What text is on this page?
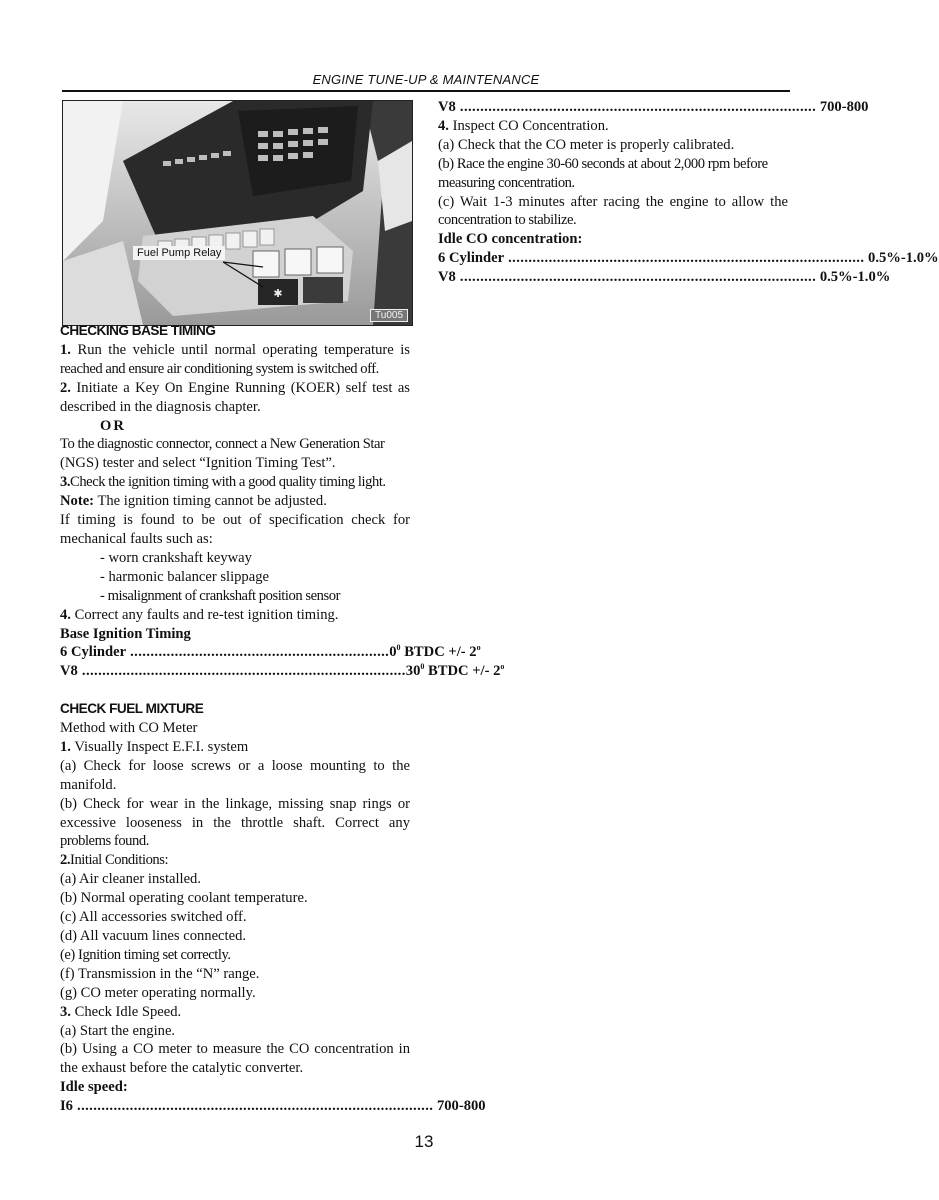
ENGINE TUNE-UP & MAINTENANCE
✱
Fuel Pump Relay
Tu005
CHECKING BASE TIMING
1. Run the vehicle until normal operating temperature is
reached and ensure air conditioning system is switched off.
2. Initiate a Key On Engine Running (KOER) self test as
described in the diagnosis chapter.
OR
To the diagnostic connector, connect a New Generation Star
(NGS) tester and select “Ignition Timing Test”.
3.Check the ignition timing with a good quality timing light.
Note: The ignition timing cannot be adjusted.
If timing is found to be out of specification check for
mechanical faults such as:
- worn crankshaft keyway
- harmonic balancer slippage
- misalignment of crankshaft position sensor
4. Correct any faults and re-test ignition timing.
Base Ignition Timing
6 Cylinder ................................................................ $0^0$ BTDC +/- 2$^o$
V8 ................................................................................ $30^0$ BTDC +/- 2$^o$
CHECK FUEL MIXTURE
Method with CO Meter
1. Visually Inspect E.F.I. system
(a) Check for loose screws or a loose mounting to the
manifold.
(b) Check for wear in the linkage, missing snap rings or
excessive looseness in the throttle shaft. Correct any
problems found.
2.Initial Conditions:
(a) Air cleaner installed.
(b) Normal operating coolant temperature.
(c) All accessories switched off.
(d) All vacuum lines connected.
(e) Ignition timing set correctly.
(f) Transmission in the “N” range.
(g) CO meter operating normally.
3. Check Idle Speed.
(a) Start the engine.
(b) Using a CO meter to measure the CO concentration in
the exhaust before the catalytic converter.
Idle speed:
I6 ........................................................................................ 700-800
V8 ........................................................................................ 700-800
4. Inspect CO Concentration.
(a) Check that the CO meter is properly calibrated.
(b) Race the engine 30-60 seconds at about 2,000 rpm before
measuring concentration.
(c) Wait 1-3 minutes after racing the engine to allow the
concentration to stabilize.
Idle CO concentration:
6 Cylinder ........................................................................................ 0.5%-1.0%
V8 ........................................................................................ 0.5%-1.0%
13
